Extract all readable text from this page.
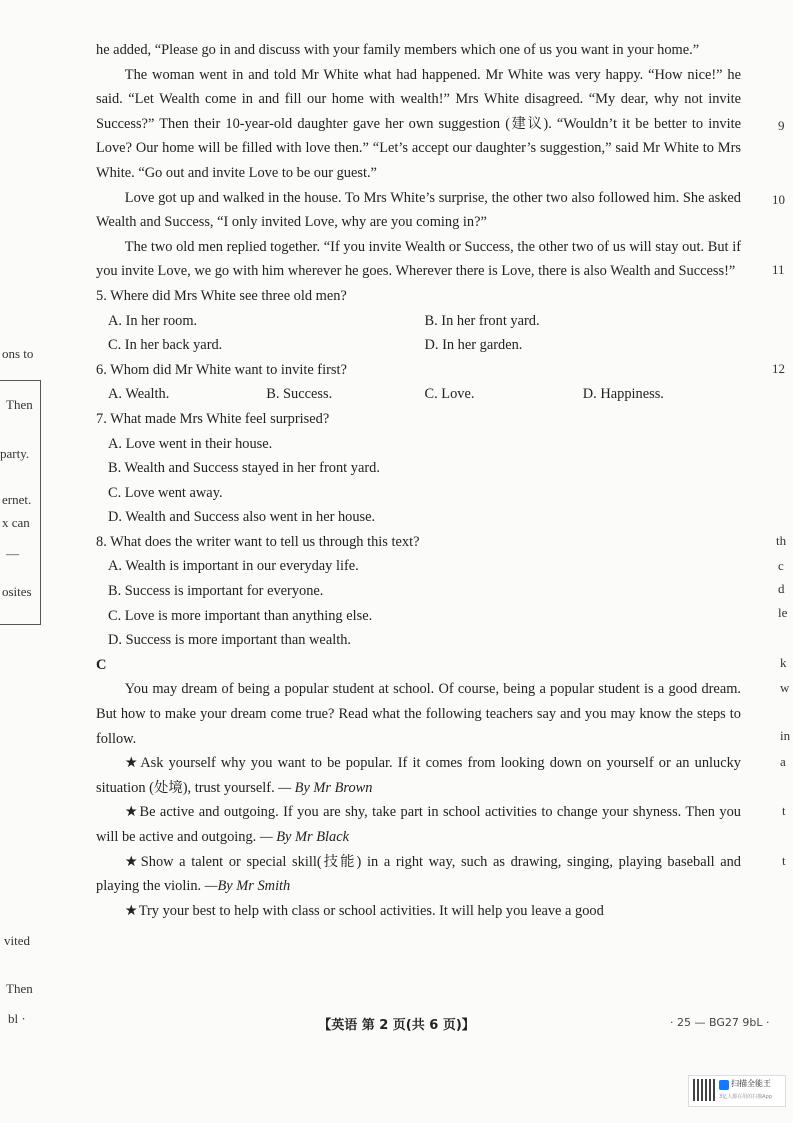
ons to
Then
party.
ernet.
x can
—
osites
vited
Then
bl ·
9
10
11
12
th
c
d
le
k
w
in
a
t
t

he added, “Please go in and discuss with your family members which one of us you want in your home.”

The woman went in and told Mr White what had happened. Mr White was very happy. “How nice!” he said. “Let Wealth come in and fill our home with wealth!” Mrs White disagreed. “My dear, why not invite Success?” Then their 10-year-old daughter gave her own suggestion (建议). “Wouldn’t it be better to invite Love? Our home will be filled with love then.” “Let’s accept our daughter’s suggestion,” said Mr White to Mrs White. “Go out and invite Love to be our guest.”

Love got up and walked in the house. To Mrs White’s surprise, the other two also followed him. She asked Wealth and Success, “I only invited Love, why are you coming in?”

The two old men replied together. “If you invite Wealth or Success, the other two of us will stay out. But if you invite Love, we go with him wherever he goes. Wherever there is Love, there is also Wealth and Success!”

5. Where did Mrs White see three old men?

A. In her room.	B. In her front yard.
C. In her back yard.	D. In her garden.

6. Whom did Mr White want to invite first?

A. Wealth.	B. Success.	C. Love.	D. Happiness.

7. What made Mrs White feel surprised?

A. Love went in their house.
B. Wealth and Success stayed in her front yard.
C. Love went away.
D. Wealth and Success also went in her house.

8. What does the writer want to tell us through this text?

A. Wealth is important in our everyday life.
B. Success is important for everyone.
C. Love is more important than anything else.
D. Success is more important than wealth.

C

You may dream of being a popular student at school. Of course, being a popular student is a good dream. But how to make your dream come true? Read what the following teachers say and you may know the steps to follow.

★Ask yourself why you want to be popular. If it comes from looking down on yourself or an unlucky situation (处境), trust yourself. — By Mr Brown

★Be active and outgoing. If you are shy, take part in school activities to change your shyness. Then you will be active and outgoing. — By Mr Black

★Show a talent or special skill(技能) in a right way, such as drawing, singing, playing baseball and playing the violin. —By Mr Smith

★Try your best to help with class or school activities. It will help you leave a good

【英语 第 2 页(共 6 页)】	· 25 — BG27 9bL ·
扫描全能王
3亿人都在用的扫描App
